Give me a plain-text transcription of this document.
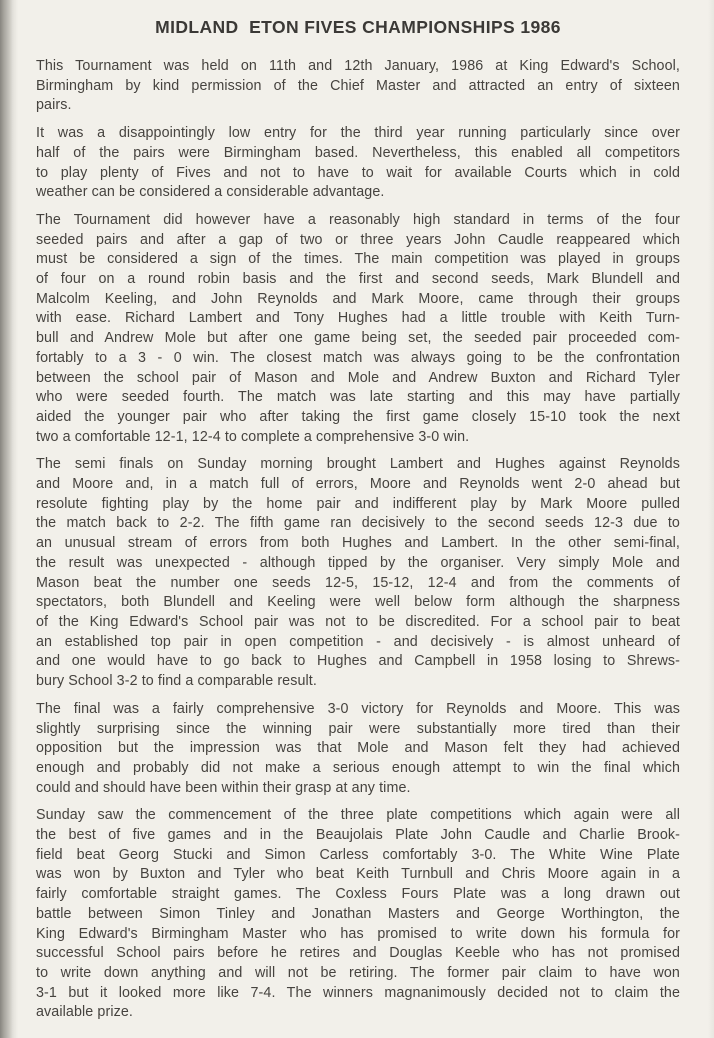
MIDLAND  ETON FIVES CHAMPIONSHIPS 1986
This Tournament was held on 11th and 12th January, 1986 at King Edward's School,
Birmingham by kind permission of the Chief Master and attracted an entry of sixteen
pairs.
It was a disappointingly low entry for the third year running particularly since over
half of the pairs were Birmingham based. Nevertheless, this enabled all competitors
to play plenty of Fives and not to have to wait for available Courts which in cold
weather can be considered a considerable advantage.
The Tournament did however have a reasonably high standard in terms of the four
seeded pairs and after a gap of two or three years John Caudle reappeared which
must be considered a sign of the times. The main competition was played in groups
of four on a round robin basis and the first and second seeds, Mark Blundell and
Malcolm Keeling, and John Reynolds and Mark Moore, came through their groups
with ease. Richard Lambert and Tony Hughes had a little trouble with Keith Turn-
bull and Andrew Mole but after one game being set, the seeded pair proceeded com-
fortably to a 3 - 0 win. The closest match was always going to be the confrontation
between the school pair of Mason and Mole and Andrew Buxton and Richard Tyler
who were seeded fourth. The match was late starting and this may have partially
aided the younger pair who after taking the first game closely 15-10 took the next
two a comfortable 12-1, 12-4 to complete a comprehensive 3-0 win.
The semi finals on Sunday morning brought Lambert and Hughes against Reynolds
and Moore and, in a match full of errors, Moore and Reynolds went 2-0 ahead but
resolute fighting play by the home pair and indifferent play by Mark Moore pulled
the match back to 2-2. The fifth game ran decisively to the second seeds 12-3 due to
an unusual stream of errors from both Hughes and Lambert. In the other semi-final,
the result was unexpected - although tipped by the organiser. Very simply Mole and
Mason beat the number one seeds 12-5, 15-12, 12-4 and from the comments of
spectators, both Blundell and Keeling were well below form although the sharpness
of the King Edward's School pair was not to be discredited. For a school pair to beat
an established top pair in open competition - and decisively - is almost unheard of
and one would have to go back to Hughes and Campbell in 1958 losing to Shrews-
bury School 3-2 to find a comparable result.
The final was a fairly comprehensive 3-0 victory for Reynolds and Moore. This was
slightly surprising since the winning pair were substantially more tired than their
opposition but the impression was that Mole and Mason felt they had achieved
enough and probably did not make a serious enough attempt to win the final which
could and should have been within their grasp at any time.
Sunday saw the commencement of the three plate competitions which again were all
the best of five games and in the Beaujolais Plate John Caudle and Charlie Brook-
field beat Georg Stucki and Simon Carless comfortably 3-0. The White Wine Plate
was won by Buxton and Tyler who beat Keith Turnbull and Chris Moore again in a
fairly comfortable straight games. The Coxless Fours Plate was a long drawn out
battle between Simon Tinley and Jonathan Masters and George Worthington, the
King Edward's Birmingham Master who has promised to write down his formula for
successful School pairs before he retires and Douglas Keeble who has not promised
to write down anything and will not be retiring. The former pair claim to have won
3-1 but it looked more like 7-4. The winners magnanimously decided not to claim the
available prize.
